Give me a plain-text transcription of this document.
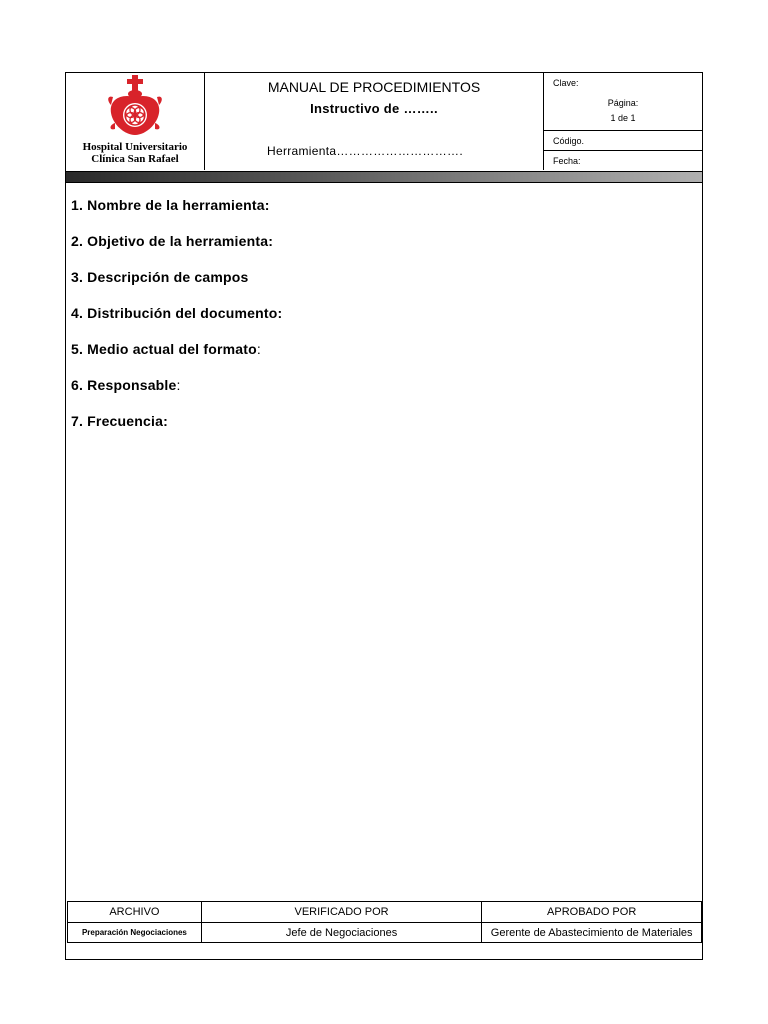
Hospital Universitario
Clínica San Rafael
MANUAL DE PROCEDIMIENTOS
Instructivo de ……..
Herramienta………………………….
Clave:
Página:
1 de 1
Código.
Fecha:
1. Nombre de la herramienta:
2. Objetivo de la herramienta:
3. Descripción de campos
4. Distribución del documento:
5. Medio actual del formato:
6. Responsable:
7. Frecuencia:
ARCHIVO	VERIFICADO POR	APROBADO POR
Preparación Negociaciones	Jefe de Negociaciones	Gerente de Abastecimiento de Materiales
